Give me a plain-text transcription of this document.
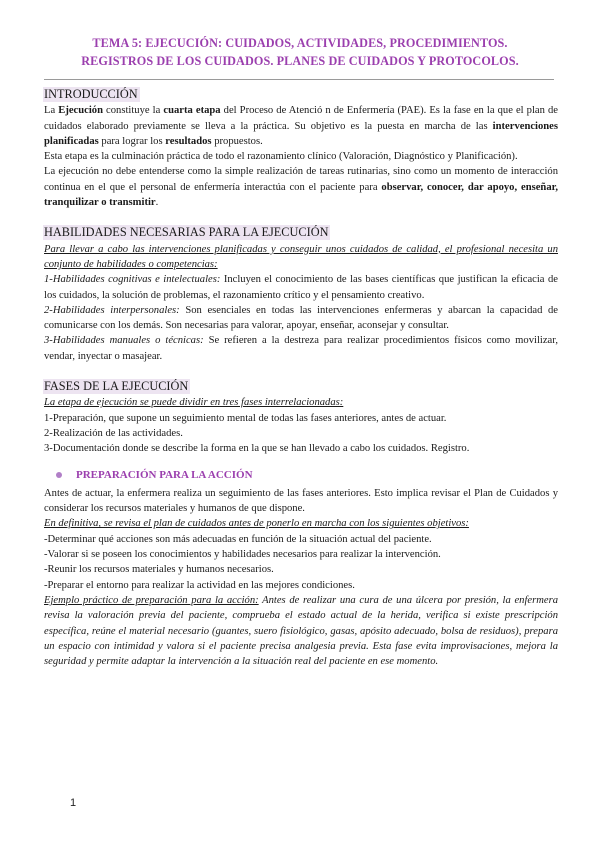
TEMA 5: EJECUCIÓN: CUIDADOS, ACTIVIDADES, PROCEDIMIENTOS.
REGISTROS DE LOS CUIDADOS. PLANES DE CUIDADOS Y PROTOCOLOS.
INTRODUCCIÓN

La Ejecución constituye la cuarta etapa del Proceso de Atenció n de Enfermería (PAE). Es la fase en la que el plan de cuidados elaborado previamente se lleva a la práctica. Su objetivo es la puesta en marcha de las intervenciones planificadas para lograr los resultados propuestos.

Esta etapa es la culminación práctica de todo el razonamiento clínico (Valoración, Diagnóstico y Planificación).

La ejecución no debe entenderse como la simple realización de tareas rutinarias, sino como un momento de interacción continua en el que el personal de enfermería interactúa con el paciente para observar, conocer, dar apoyo, enseñar, tranquilizar o transmitir.

HABILIDADES NECESARIAS PARA LA EJECUCIÓN

Para llevar a cabo las intervenciones planificadas y conseguir unos cuidados de calidad, el profesional necesita un conjunto de habilidades o competencias:

1-Habilidades cognitivas e intelectuales: Incluyen el conocimiento de las bases científicas que justifican la eficacia de los cuidados, la solución de problemas, el razonamiento crítico y el pensamiento creativo.

2-Habilidades interpersonales: Son esenciales en todas las intervenciones enfermeras y abarcan la capacidad de comunicarse con los demás. Son necesarias para valorar, apoyar, enseñar, aconsejar y consultar.

3-Habilidades manuales o técnicas: Se refieren a la destreza para realizar procedimientos físicos como movilizar, vendar, inyectar o masajear.

FASES DE LA EJECUCIÓN

La etapa de ejecución se puede dividir en tres fases interrelacionadas:

1-Preparación, que supone un seguimiento mental de todas las fases anteriores, antes de actuar.

2-Realización de las actividades.

3-Documentación donde se describe la forma en la que se han llevado a cabo los cuidados. Registro.

PREPARACIÓN PARA LA ACCIÓN

Antes de actuar, la enfermera realiza un seguimiento de las fases anteriores. Esto implica revisar el Plan de Cuidados y considerar los recursos materiales y humanos de que dispone.

En definitiva, se revisa el plan de cuidados antes de ponerlo en marcha con los siguientes objetivos:

-Determinar qué acciones son más adecuadas en función de la situación actual del paciente.

-Valorar si se poseen los conocimientos y habilidades necesarios para realizar la intervención.

-Reunir los recursos materiales y humanos necesarios.

-Preparar el entorno para realizar la actividad en las mejores condiciones.

Ejemplo práctico de preparación para la acción: Antes de realizar una cura de una úlcera por presión, la enfermera revisa la valoración previa del paciente, comprueba el estado actual de la herida, verifica si existe prescripción específica, reúne el material necesario (guantes, suero fisiológico, gasas, apósito adecuado, bolsa de residuos), prepara un espacio con intimidad y valora si el paciente precisa analgesia previa. Esta fase evita improvisaciones, mejora la seguridad y permite adaptar la intervención a la situación real del paciente en ese momento.

1
